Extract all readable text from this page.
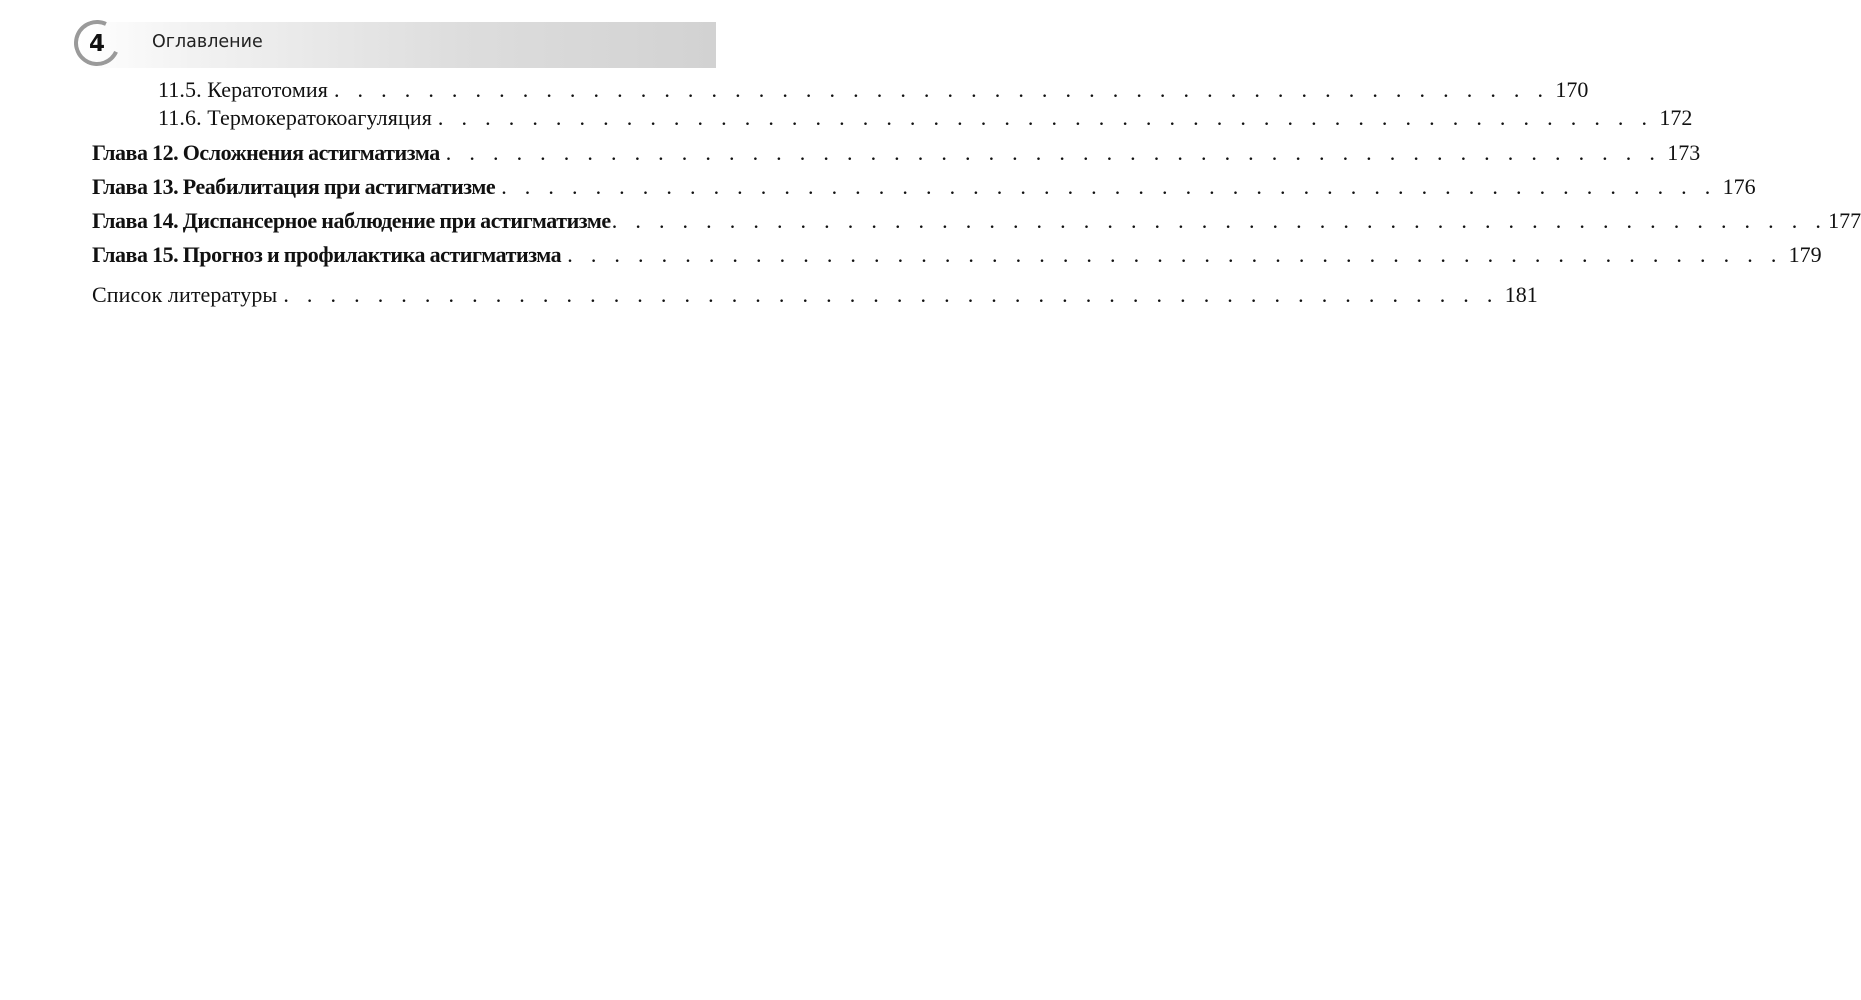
4	Оглавление
11.5. Кератотомия . . . . . . . . . . . . . . . . . . . . . . . . . . . . . . . . . . . . . . . . . . . . . . . . . . . . 170
11.6. Термокератокоагуляция . . . . . . . . . . . . . . . . . . . . . . . . . . . . . . . . . . . . . . . . . . . . . . . . . . . . 172
Глава 12. Осложнения астигматизма . . . . . . . . . . . . . . . . . . . . . . . . . . . . . . . . . . . . . . . . . . . . . . . . . . . . 173
Глава 13. Реабилитация при астигматизме . . . . . . . . . . . . . . . . . . . . . . . . . . . . . . . . . . . . . . . . . . . . . . . . . . . . 176
Глава 14. Диспансерное наблюдение при астигматизме . . . . . . . . . . . . . . . . . . . . . . . . . . . . . . . . . . . . . . . . . . . . . . . . . . . . 177
Глава 15. Прогноз и профилактика астигматизма . . . . . . . . . . . . . . . . . . . . . . . . . . . . . . . . . . . . . . . . . . . . . . . . . . . . 179
Список литературы . . . . . . . . . . . . . . . . . . . . . . . . . . . . . . . . . . . . . . . . . . . . . . . . . . . . 181
